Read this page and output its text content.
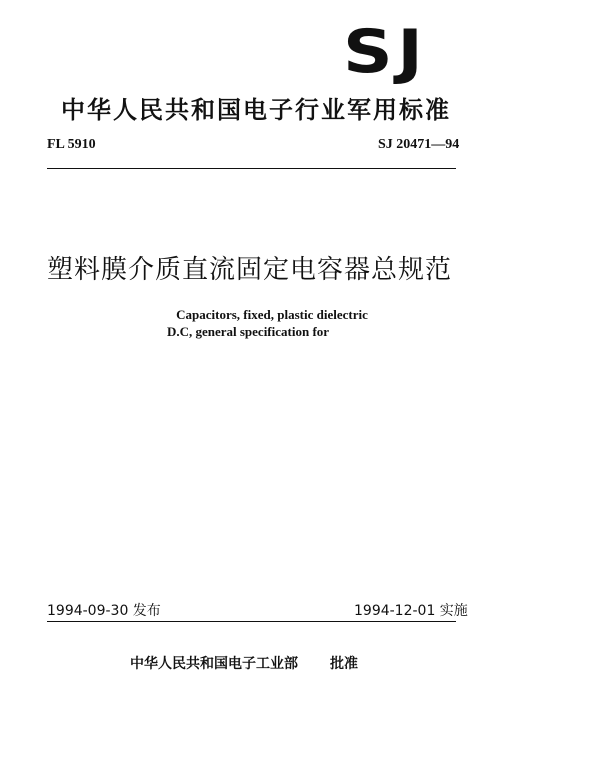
SJ
中华人民共和国电子行业军用标准
FL 5910	SJ 20471—94
塑料膜介质直流固定电容器总规范
Capacitors, fixed, plastic dielectric
D.C, general specification for
1994-09-30 发布	1994-12-01 实施
中华人民共和国电子工业部 批准
